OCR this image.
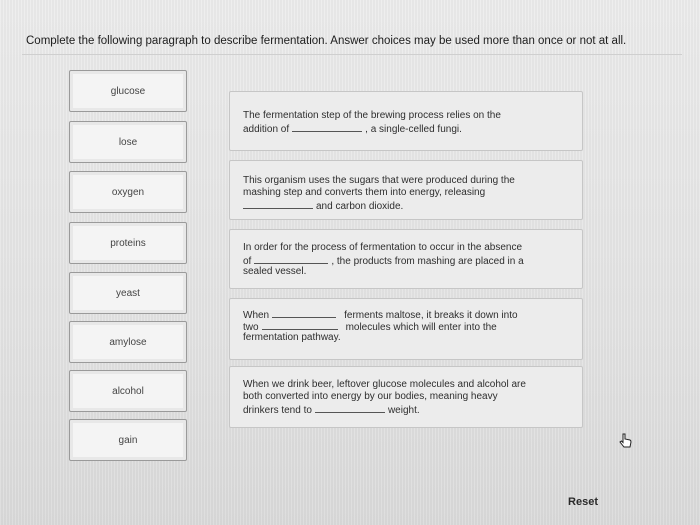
Complete the following paragraph to describe fermentation. Answer choices may be used more than once or not at all.
glucose
lose
oxygen
proteins
yeast
amylose
alcohol
gain
The fermentation step of the brewing process relies on the
addition of	, a single-celled fungi.
This organism uses the sugars that were produced during the
mashing step and converts them into energy, releasing
and carbon dioxide.
In order for the process of fermentation to occur in the absence
of	, the products from mashing are placed in a
sealed vessel.
When	ferments maltose, it breaks it down into
two	molecules which will enter into the
fermentation pathway.
When we drink beer, leftover glucose molecules and alcohol are
both converted into energy by our bodies, meaning heavy
drinkers tend to	weight.
Reset
